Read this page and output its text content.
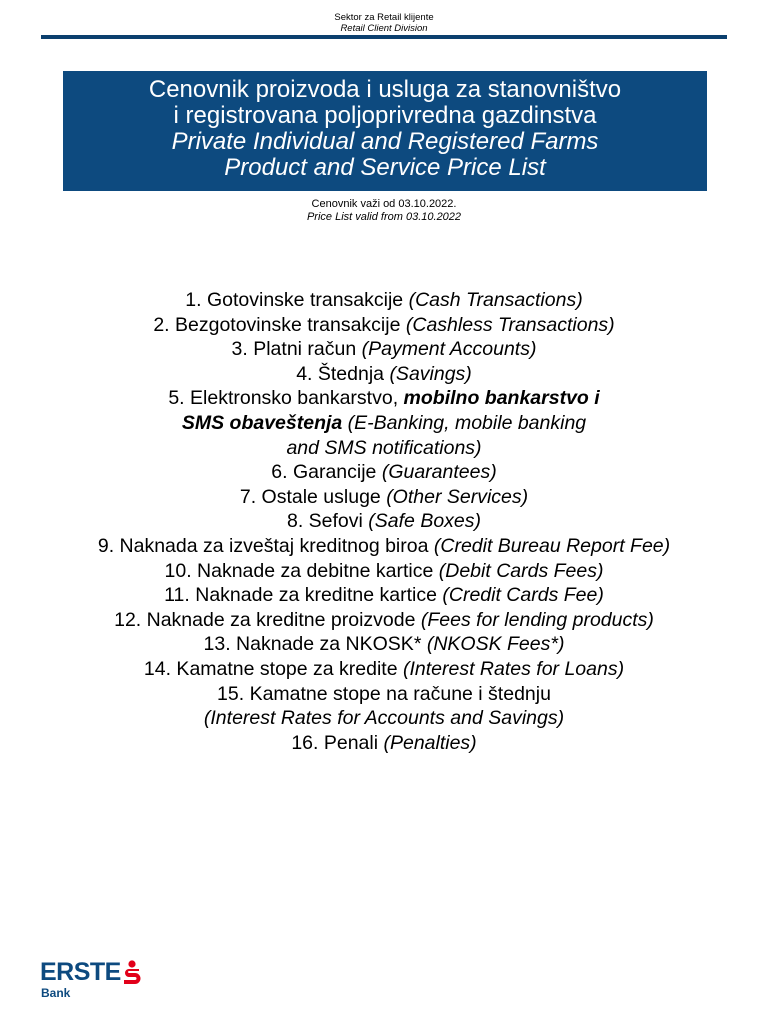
Sektor za Retail klijente
Retail Client Division
Cenovnik proizvoda i usluga za stanovništvo
i registrovana poljoprivredna gazdinstva
Private Individual and Registered Farms
Product and Service Price List
Cenovnik važi od 03.10.2022.
Price List valid from 03.10.2022
1. Gotovinske transakcije (Cash Transactions)
2. Bezgotovinske transakcije (Cashless Transactions)
3. Platni račun (Payment Accounts)
4. Štednja (Savings)
5. Elektronsko bankarstvo, mobilno bankarstvo i
SMS obaveštenja (E-Banking, mobile banking
and SMS notifications)
6. Garancije (Guarantees)
7. Ostale usluge (Other Services)
8. Sefovi (Safe Boxes)
9. Naknada za izveštaj kreditnog biroa (Credit Bureau Report Fee)
10. Naknade za debitne kartice (Debit Cards Fees)
11. Naknade za kreditne kartice (Credit Cards Fee)
12. Naknade za kreditne proizvode (Fees for lending products)
13. Naknade za NKOSK* (NKOSK Fees*)
14. Kamatne stope za kredite (Interest Rates for Loans)
15. Kamatne stope na račune i štednju
(Interest Rates for Accounts and Savings)
16. Penali (Penalties)
ERSTE
Bank
